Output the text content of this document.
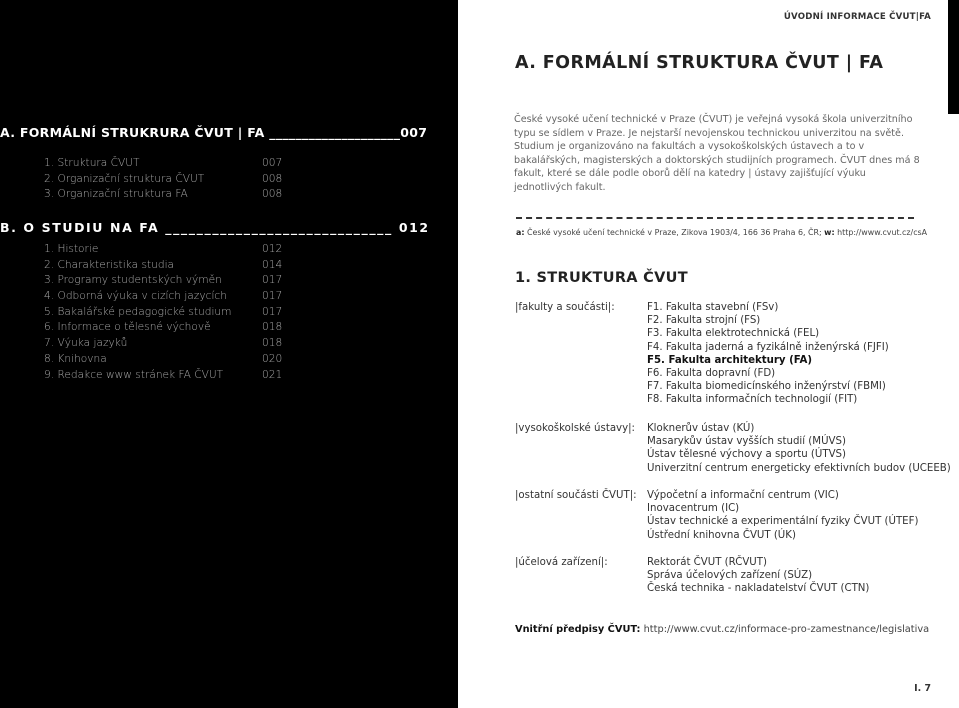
A. FORMÁLNÍ STRUKRURA ČVUT | FA ____________________007
1. Struktura ČVUT	007
2. Organizační struktura ČVUT	008
3. Organizační struktura FA	008
B. O STUDIU NA FA _____________________________ 012
1. Historie	012
2. Charakteristika studia	014
3. Programy studentských výměn	017
4. Odborná výuka v cizích jazycích	017
5. Bakalářské pedagogické studium	017
6. Informace o tělesné výchově	018
7. Výuka jazyků	018
8. Knihovna	020
9. Redakce www stránek FA ČVUT	021
ÚVODNÍ INFORMACE ČVUT|FA
A. FORMÁLNÍ STRUKTURA ČVUT | FA

České vysoké učení technické v Praze (ČVUT) je veřejná vysoká škola univerzitního typu se sídlem v Praze. Je nejstarší nevojenskou technickou univerzitou na světě. Studium je organizováno na fakultách a vysokoškolských ústavech a to v bakalářských, magisterských a doktorských studijních programech. ČVUT dnes má 8 fakult, které se dále podle oborů dělí na katedry | ústavy zajišťující výuku jednotlivých fakult.

a: České vysoké učení technické v Praze, Zikova 1903/4, 166 36 Praha 6, ČR; w: http://www.cvut.cz/csA
1. STRUKTURA ČVUT
|fakulty a součásti|:	F1. Fakulta stavební (FSv)
F2. Fakulta strojní (FS)
F3. Fakulta elektrotechnická (FEL)
F4. Fakulta jaderná a fyzikálně inženýrská (FJFI)
F5. Fakulta architektury (FA)
F6. Fakulta dopravní (FD)
F7. Fakulta biomedicínského inženýrství (FBMI)
F8. Fakulta informačních technologií (FIT)
|vysokoškolské ústavy|: Kloknerův ústav (KÚ)
Masarykův ústav vyšších studií (MÚVS)
Ústav tělesné výchovy a sportu (ÚTVS)
Univerzitní centrum energeticky efektivních budov (UCEEB)
|ostatní součásti ČVUT|: Výpočetní a informační centrum (VIC)
Inovacentrum (IC)
Ústav technické a experimentální fyziky ČVUT (ÚTEF)
Ústřední knihovna ČVUT (ÚK)
|účelová zařízení|:	Rektorát ČVUT (RČVUT)
Správa účelových zařízení (SÚZ)
Česká technika - nakladatelství ČVUT (CTN)
Vnitřní předpisy ČVUT: http://www.cvut.cz/informace-pro-zamestnance/legislativa
I. 7
